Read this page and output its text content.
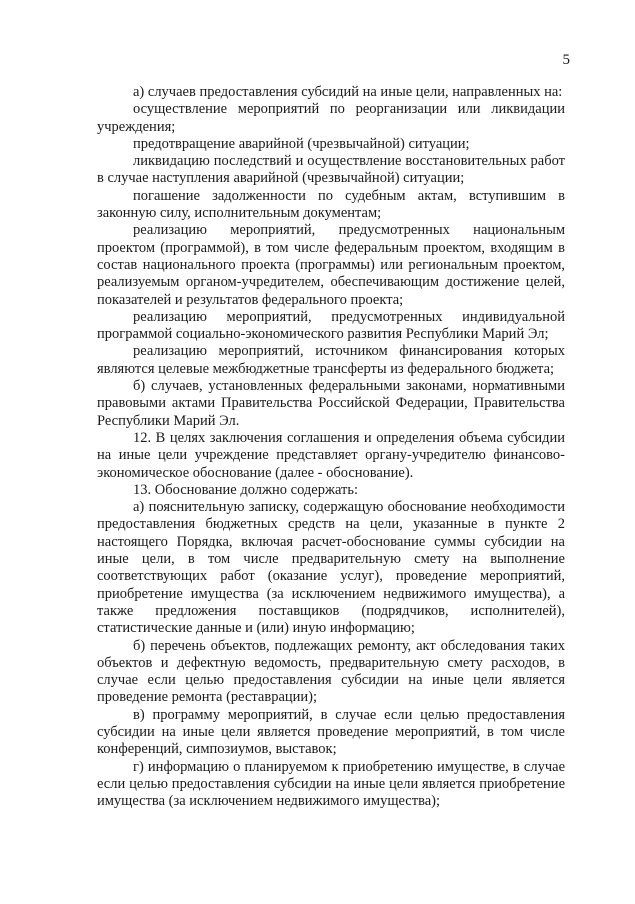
5

а) случаев предоставления субсидий на иные цели, направленных на:

осуществление мероприятий по реорганизации или ликвидации учреждения;

предотвращение аварийной (чрезвычайной) ситуации;

ликвидацию последствий и осуществление восстановительных работ в случае наступления аварийной (чрезвычайной) ситуации;

погашение задолженности по судебным актам, вступившим в законную силу, исполнительным документам;

реализацию мероприятий, предусмотренных национальным проектом (программой), в том числе федеральным проектом, входящим в состав национального проекта (программы) или региональным проектом, реализуемым органом-учредителем, обеспечивающим достижение целей, показателей и результатов федерального проекта;

реализацию мероприятий, предусмотренных индивидуальной программой социально-экономического развития Республики Марий Эл;

реализацию мероприятий, источником финансирования которых являются целевые межбюджетные трансферты из федерального бюджета;

б) случаев, установленных федеральными законами, нормативными правовыми актами Правительства Российской Федерации, Правительства Республики Марий Эл.

12. В целях заключения соглашения и определения объема субсидии на иные цели учреждение представляет органу-учредителю финансово-экономическое обоснование (далее - обоснование).

13. Обоснование должно содержать:

а) пояснительную записку, содержащую обоснование необходимости предоставления бюджетных средств на цели, указанные в пункте 2 настоящего Порядка, включая расчет-обоснование суммы субсидии на иные цели, в том числе предварительную смету на выполнение соответствующих работ (оказание услуг), проведение мероприятий, приобретение имущества (за исключением недвижимого имущества), а также предложения поставщиков (подрядчиков, исполнителей), статистические данные и (или) иную информацию;

б) перечень объектов, подлежащих ремонту, акт обследования таких объектов и дефектную ведомость, предварительную смету расходов, в случае если целью предоставления субсидии на иные цели является проведение ремонта (реставрации);

в) программу мероприятий, в случае если целью предоставления субсидии на иные цели является проведение мероприятий, в том числе конференций, симпозиумов, выставок;

г) информацию о планируемом к приобретению имуществе, в случае если целью предоставления субсидии на иные цели является приобретение имущества (за исключением недвижимого имущества);
